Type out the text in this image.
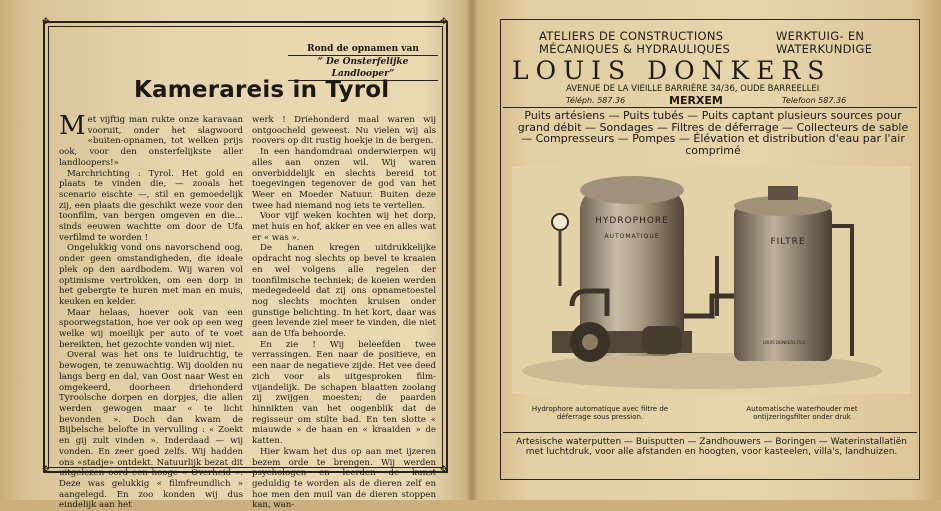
✥	✥
✥	✥
Rond de opnamen van
“ De Onsterfelijke Landlooper”
Kamerareis in Tyrol

Met vijftig man rukte onze karavaan vooruit, onder het slagwoord «buiten-opnamen, tot welken prijs ook, voor den onsterfelijkste aller landloopers!»

Marchrichting : Tyrol. Het gold en plaats te vinden die, — zooals het scenario eischte —, stil en gemoedelijk zij, een plaats die geschikt weze voor den toonfilm, van bergen omgeven en die... sinds eeuwen wachtte om door de Ufa verfilmd te worden !

Ongelukkig vond ons navorschend oog, onder geen omstandigheden, die ideale plek op den aardbodem. Wij waren vol optimisme vertrokken, om een dorp in het gebergte te huren met man en muis, keuken en kelder.

Maar helaas, hoever ook van een spoorwegstation, hoe ver ook op een weg welke wij moeilijk per auto of te voet bereikten, het gezochte vonden wij niet.

Overal was het ons te luidruchtig, te bewogen, te zenuwachtig. Wij doolden nu langs berg en dal, van Oost naar West en omgekeerd, doorheen driehonderd Tyroolsche dorpen en dorpjes, die allen werden gewogen maar « te licht bevonden ». Doch dan kwam de Bijbelsche belofte in vervulling : « Zoekt en gij zult vinden ». Inderdaad — wij vonden. En zeer goed zelfs. Wij hadden ons «stadje» ontdekt. Natuurlijk bezat dit uitgelezen oord een hooge « Overheid ». Deze was gelukkig « filmfreundlich » aangelegd. En zoo konden wij dus eindelijk aan het

werk ! Driehonderd maal waren wij ontgoocheld geweest. Nu vielen wij als roovers op dit rustig hoekje in de bergen.

In een handomdraai onderwierpen wij alles aan onzen wil. Wij waren onverbiddelijk en slechts bereid tot toegevingen tegenover de god van het Weer en Moeder Natuur. Buiten deze twee had niemand nog iets te vertellen.

Voor vijf weken kochten wij het dorp, met huis en hof, akker en vee en alles wat er « was ».

De hanen kregen uitdrukkelijke opdracht nog slechts op bevel te kraaien en wel volgens alle regelen der toonfilmische techniek; de koeien werden medegedeeld dat zij ons opnametoestel nog slechts mochten kruisen onder gunstige belichting. In het kort, daar was geen levende ziel meer te vinden, die niet aan de Ufa behoorde.

En zie ! Wij beleefden twee verrassingen. Een naar de positieve, en een naar de negatieve zijde. Het vee deed zich voor als uitgesproken film-vijandelijk. De schapen blaatten zoolang zij zwijgen moesten; de paarden hinnikten van het oogenblik dat de regisseur om stilte bad. En ten slotte « miauwde » de haan en « kraaiden » de katten.

Hier kwam het dus op aan met ijzeren bezem orde te brengen. Wij werden psychologen en leerden de kunst geduldig te worden als de dieren zelf en hoe men den muil van de dieren stoppen kan, wan-

ATELIERS DE CONSTRUCTIONS
MÉCANIQUES & HYDRAULIQUES
WERKTUIG- EN
WATERKUNDIGE
LOUIS DONKERS
AVENUE DE LA VIEILLE BARRIÈRE 34/36, OUDE BARREELLEI
Téléph. 587.36	MERXEM	Telefoon 587.36
Puits artésiens — Puits tubés — Puits captant plusieurs sources pour grand débit — Sondages — Filtres de déferrage — Collecteurs de sable — Compresseurs — Pompes — Élévation et distribution d'eau par l'air comprimé
HYDROPHORE
AUTOMATIQUE
FILTRE
LOUIS DONKERS FILS
Hydrophore automatique avec filtre de déferrage sous pression.
Automatische waterhouder met ontijzeringsfilter onder druk
Artesische waterputten — Buisputten — Zandhouwers — Boringen — Waterinstallatiën met luchtdruk, voor alle afstanden en hoogten, voor kasteelen, villa's, landhuizen.
